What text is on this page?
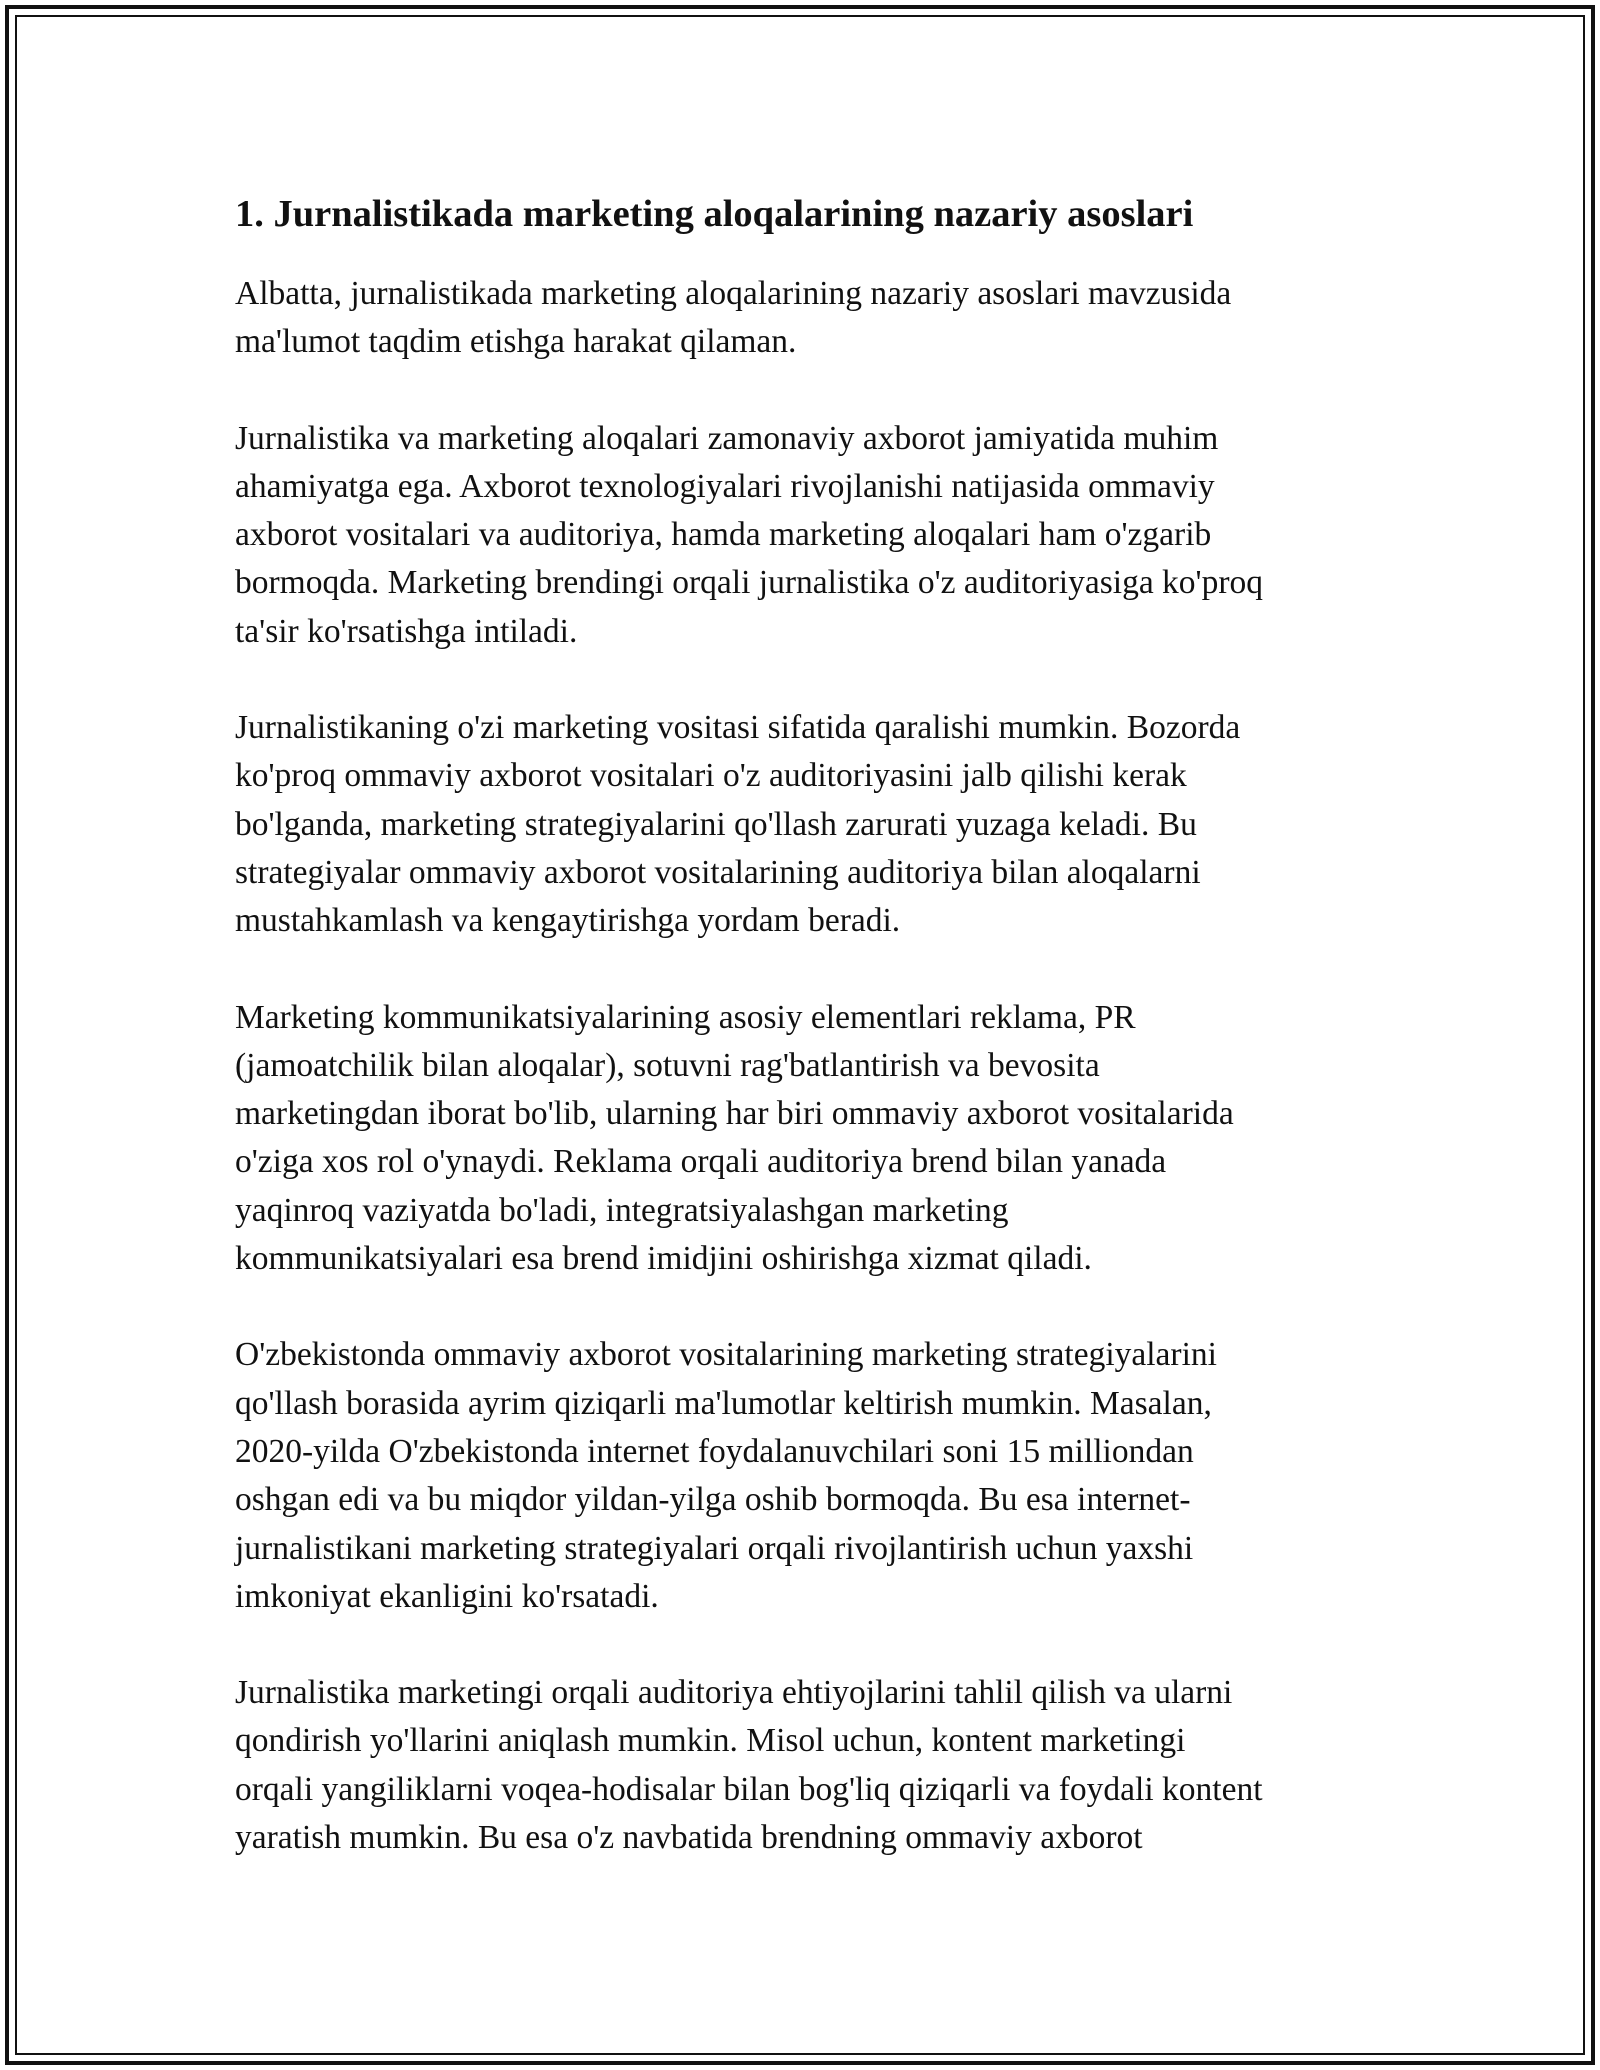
1. Jurnalistikada marketing aloqalarining nazariy asoslari

Albatta, jurnalistikada marketing aloqalarining nazariy asoslari mavzusida
ma'lumot taqdim etishga harakat qilaman.

Jurnalistika va marketing aloqalari zamonaviy axborot jamiyatida muhim
ahamiyatga ega. Axborot texnologiyalari rivojlanishi natijasida ommaviy
axborot vositalari va auditoriya, hamda marketing aloqalari ham o'zgarib
bormoqda. Marketing brendingi orqali jurnalistika o'z auditoriyasiga ko'proq
ta'sir ko'rsatishga intiladi.

Jurnalistikaning o'zi marketing vositasi sifatida qaralishi mumkin. Bozorda
ko'proq ommaviy axborot vositalari o'z auditoriyasini jalb qilishi kerak
bo'lganda, marketing strategiyalarini qo'llash zarurati yuzaga keladi. Bu
strategiyalar ommaviy axborot vositalarining auditoriya bilan aloqalarni
mustahkamlash va kengaytirishga yordam beradi.

Marketing kommunikatsiyalarining asosiy elementlari reklama, PR
(jamoatchilik bilan aloqalar), sotuvni rag'batlantirish va bevosita
marketingdan iborat bo'lib, ularning har biri ommaviy axborot vositalarida
o'ziga xos rol o'ynaydi. Reklama orqali auditoriya brend bilan yanada
yaqinroq vaziyatda bo'ladi, integratsiyalashgan marketing
kommunikatsiyalari esa brend imidjini oshirishga xizmat qiladi.

O'zbekistonda ommaviy axborot vositalarining marketing strategiyalarini
qo'llash borasida ayrim qiziqarli ma'lumotlar keltirish mumkin. Masalan,
2020-yilda O'zbekistonda internet foydalanuvchilari soni 15 milliondan
oshgan edi va bu miqdor yildan-yilga oshib bormoqda. Bu esa internet-
jurnalistikani marketing strategiyalari orqali rivojlantirish uchun yaxshi
imkoniyat ekanligini ko'rsatadi.

Jurnalistika marketingi orqali auditoriya ehtiyojlarini tahlil qilish va ularni
qondirish yo'llarini aniqlash mumkin. Misol uchun, kontent marketingi
orqali yangiliklarni voqea-hodisalar bilan bog'liq qiziqarli va foydali kontent
yaratish mumkin. Bu esa o'z navbatida brendning ommaviy axborot
